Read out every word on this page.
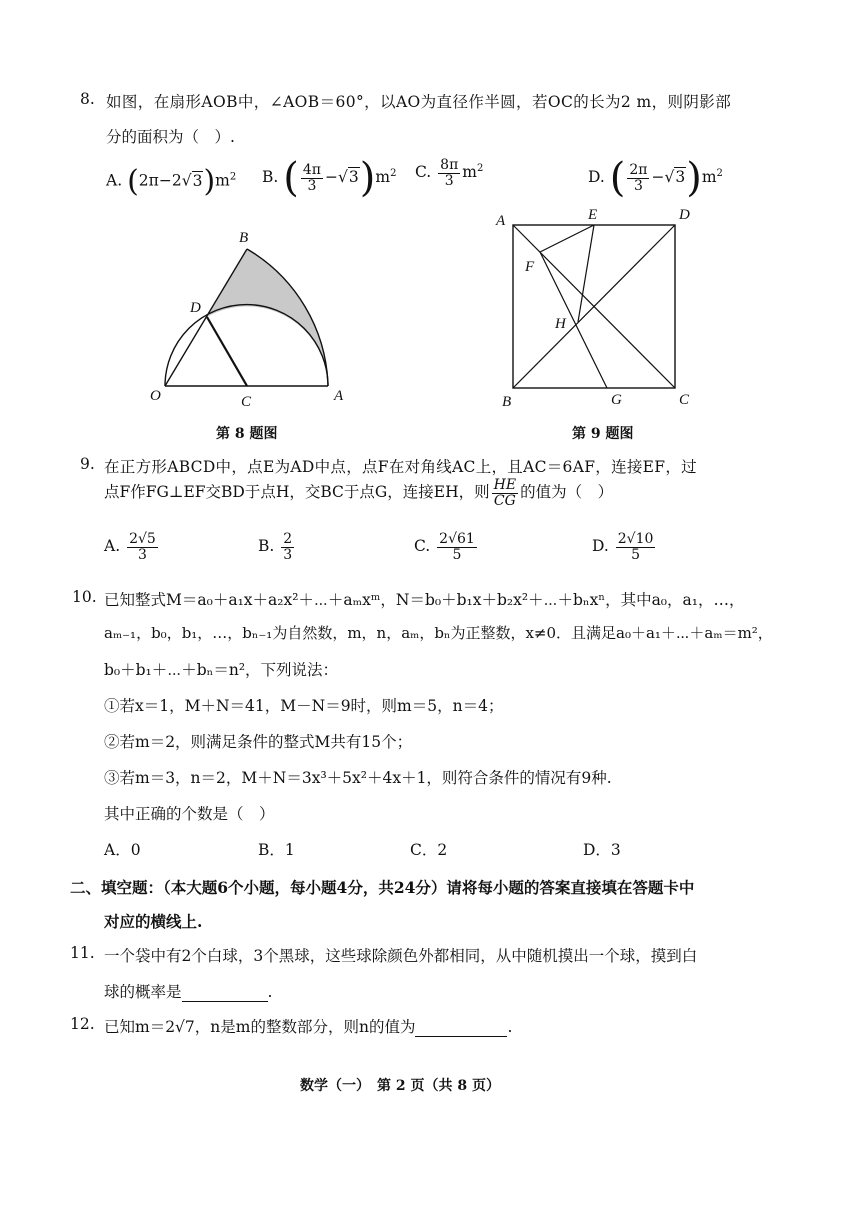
8. 如图，在扇形AOB中，∠AOB＝60°，以AO为直径作半圆，若OC的长为2 m，则阴影部
分的面积为（　）.
A. $(2\pi-2√3)m^2$ B. ( $\frac{4\pi}{3} -√3)m^2$ C. $\frac{8\pi}{3} m^2$	D. ( $\frac{2\pi}{3} -√3)m^2$
O	A
B
C
D
第 8 题图
A	E	D
F
H
B	G	C
第 9 题图
9. 在正方形ABCD中，点E为AD中点，点F在对角线AC上，且AC＝6AF，连接EF，过
点F作FG⊥EF交BD于点H，交BC于点G，连接EH，则 $\frac{HE}{CG}$ 的值为（　）
A. $\frac{2√5}{3}$	B. $\frac{2}{3}$	C. $\frac{2√61}{5}$	D. $\frac{2√10}{5}$
10. 已知整式M＝a₀＋a₁x＋a₂x²＋⋯＋aₘxᵐ，N＝b₀＋b₁x＋b₂x²＋⋯＋bₙxⁿ，其中a₀，a₁，…，
aₘ₋₁，b₀，b₁，…，bₙ₋₁为自然数，m，n，aₘ，bₙ为正整数，x≠0．且满足a₀＋a₁＋⋯＋aₘ＝m²，
b₀＋b₁＋⋯＋bₙ＝n²，下列说法：
①若x＝1，M＋N＝41，M－N＝9时，则m＝5，n＝4；
②若m＝2，则满足条件的整式M共有15个；
③若m＝3，n＝2，M＋N＝3x³＋5x²＋4x＋1，则符合条件的情况有9种.
其中正确的个数是（　）
A．0	B．1	C．2	D．3
二、填空题：（本大题6个小题，每小题4分，共24分）请将每小题的答案直接填在答题卡中
对应的横线上.
11. 一个袋中有2个白球，3个黑球，这些球除颜色外都相同，从中随机摸出一个球，摸到白
球的概率是	.
12. 已知m＝2√7，n是m的整数部分，则n的值为	.
数学（一）　第 2 页（共 8 页）
